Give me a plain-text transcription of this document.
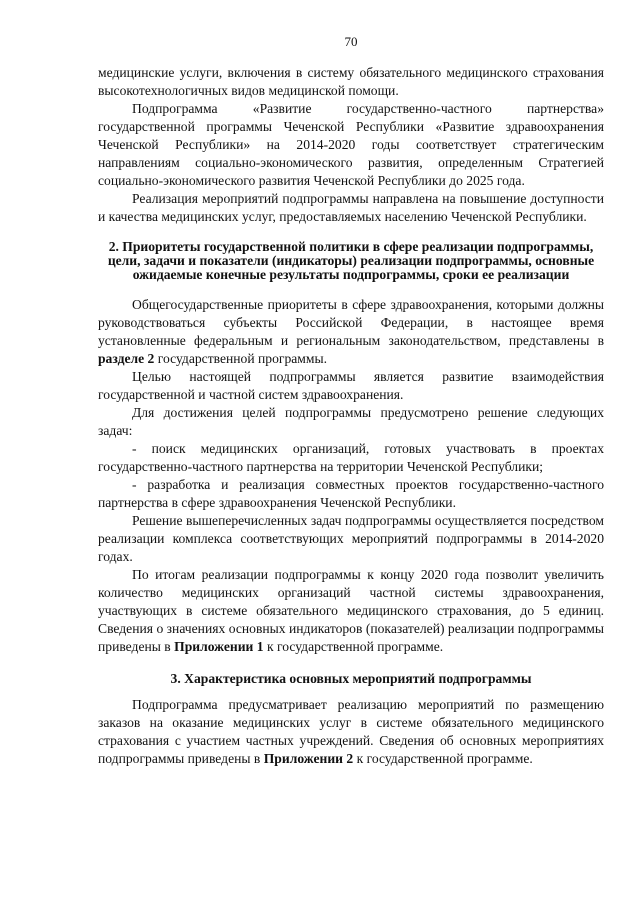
70

медицинские услуги, включения в систему обязательного медицинского страхования высокотехнологичных видов медицинской помощи.

Подпрограмма «Развитие государственно-частного партнерства» государственной программы Чеченской Республики «Развитие здравоохранения Чеченской Республики» на 2014-2020 годы соответствует стратегическим направлениям социально-экономического развития, определенным Стратегией социально-экономического развития Чеченской Республики до 2025 года.

Реализация мероприятий подпрограммы направлена на повышение доступности и качества медицинских услуг, предоставляемых населению Чеченской Республики.

2. Приоритеты государственной политики в сфере реализации подпрограммы, цели, задачи и показатели (индикаторы) реализации подпрограммы, основные ожидаемые конечные результаты подпрограммы, сроки ее реализации

Общегосударственные приоритеты в сфере здравоохранения, которыми должны руководствоваться субъекты Российской Федерации, в настоящее время установленные федеральным и региональным законодательством, представлены в разделе 2 государственной программы.

Целью настоящей подпрограммы является развитие взаимодействия государственной и частной систем здравоохранения.

Для достижения целей подпрограммы предусмотрено решение следующих задач:

- поиск медицинских организаций, готовых участвовать в проектах государственно-частного партнерства на территории Чеченской Республики;

- разработка и реализация совместных проектов государственно-частного партнерства в сфере здравоохранения Чеченской Республики.

Решение вышеперечисленных задач подпрограммы осуществляется посредством реализации комплекса соответствующих мероприятий подпрограммы в 2014-2020 годах.

По итогам реализации подпрограммы к концу 2020 года позволит увеличить количество медицинских организаций частной системы здравоохранения, участвующих в системе обязательного медицинского страхования, до 5 единиц. Сведения о значениях основных индикаторов (показателей) реализации подпрограммы приведены в Приложении 1 к государственной программе.

3. Характеристика основных мероприятий подпрограммы

Подпрограмма предусматривает реализацию мероприятий по размещению заказов на оказание медицинских услуг в системе обязательного медицинского страхования с участием частных учреждений. Сведения об основных мероприятиях подпрограммы приведены в Приложении 2 к государственной программе.
